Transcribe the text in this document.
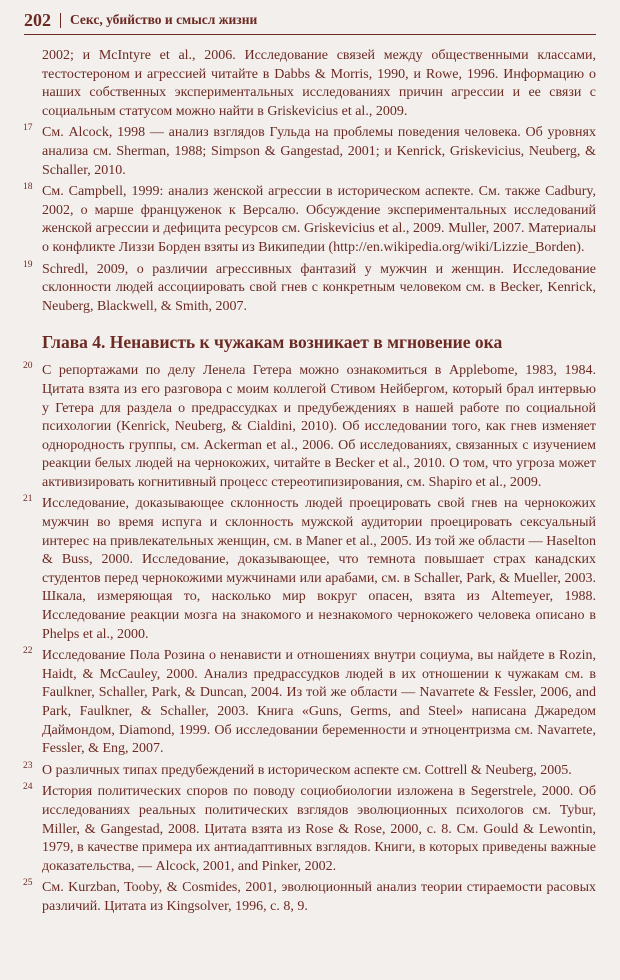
202 Секс, убийство и смысл жизни

2002; и McIntyre et al., 2006. Исследование связей между общественными классами, тестостероном и агрессией читайте в Dabbs & Morris, 1990, и Rowe, 1996. Информацию о наших собственных экспериментальных исследованиях причин агрессии и ее связи с социальным статусом можно найти в Griskevicius et al., 2009.

17 См. Alcock, 1998 — анализ взглядов Гульда на проблемы поведения человека. Об уровнях анализа см. Sherman, 1988; Simpson & Gangestad, 2001; и Kenrick, Griskevicius, Neuberg, & Schaller, 2010.

18 См. Campbell, 1999: анализ женской агрессии в историческом аспекте. См. также Cadbury, 2002, о марше француженок к Версалю. Обсуждение экспериментальных исследований женской агрессии и дефицита ресурсов см. Griskevicius et al., 2009. Muller, 2007. Материалы о конфликте Лиззи Борден взяты из Википедии (http://en.wikipedia.org/wiki/Lizzie_Borden).

19 Schredl, 2009, о различии агрессивных фантазий у мужчин и женщин. Исследование склонности людей ассоциировать свой гнев с конкретным человеком см. в Becker, Kenrick, Neuberg, Blackwell, & Smith, 2007.

Глава 4. Ненависть к чужакам возникает в мгновение ока

20 С репортажами по делу Ленела Гетера можно ознакомиться в Applebome, 1983, 1984. Цитата взята из его разговора с моим коллегой Стивом Нейбергом, который брал интервью у Гетера для раздела о предрассудках и предубеждениях в нашей работе по социальной психологии (Kenrick, Neuberg, & Cialdini, 2010). Об исследовании того, как гнев изменяет однородность группы, см. Ackerman et al., 2006. Об исследованиях, связанных с изучением реакции белых людей на чернокожих, читайте в Becker et al., 2010. О том, что угроза может активизировать когнитивный процесс стереотипизирования, см. Shapiro et al., 2009.

21 Исследование, доказывающее склонность людей проецировать свой гнев на чернокожих мужчин во время испуга и склонность мужской аудитории проецировать сексуальный интерес на привлекательных женщин, см. в Maner et al., 2005. Из той же области — Haselton & Buss, 2000. Исследование, доказывающее, что темнота повышает страх канадских студентов перед чернокожими мужчинами или арабами, см. в Schaller, Park, & Mueller, 2003. Шкала, измеряющая то, насколько мир вокруг опасен, взята из Altemeyer, 1988. Исследование реакции мозга на знакомого и незнакомого чернокожего человека описано в Phelps et al., 2000.

22 Исследование Пола Розина о ненависти и отношениях внутри социума, вы найдете в Rozin, Haidt, & McCauley, 2000. Анализ предрассудков людей в их отношении к чужакам см. в Faulkner, Schaller, Park, & Duncan, 2004. Из той же области — Navarrete & Fessler, 2006, and Park, Faulkner, & Schaller, 2003. Книга «Guns, Germs, and Steel» написана Джаредом Даймондом, Diamond, 1999. Об исследовании беременности и этноцентризма см. Navarrete, Fessler, & Eng, 2007.

23 О различных типах предубеждений в историческом аспекте см. Cottrell & Neuberg, 2005.

24 История политических споров по поводу социобиологии изложена в Segerstrele, 2000. Об исследованиях реальных политических взглядов эволюционных психологов см. Tybur, Miller, & Gangestad, 2008. Цитата взята из Rose & Rose, 2000, с. 8. См. Gould & Lewontin, 1979, в качестве примера их антиадаптивных взглядов. Книги, в которых приведены важные доказательства, — Alcock, 2001, and Pinker, 2002.

25 См. Kurzban, Tooby, & Cosmides, 2001, эволюционный анализ теории стираемости расовых различий. Цитата из Kingsolver, 1996, с. 8, 9.
